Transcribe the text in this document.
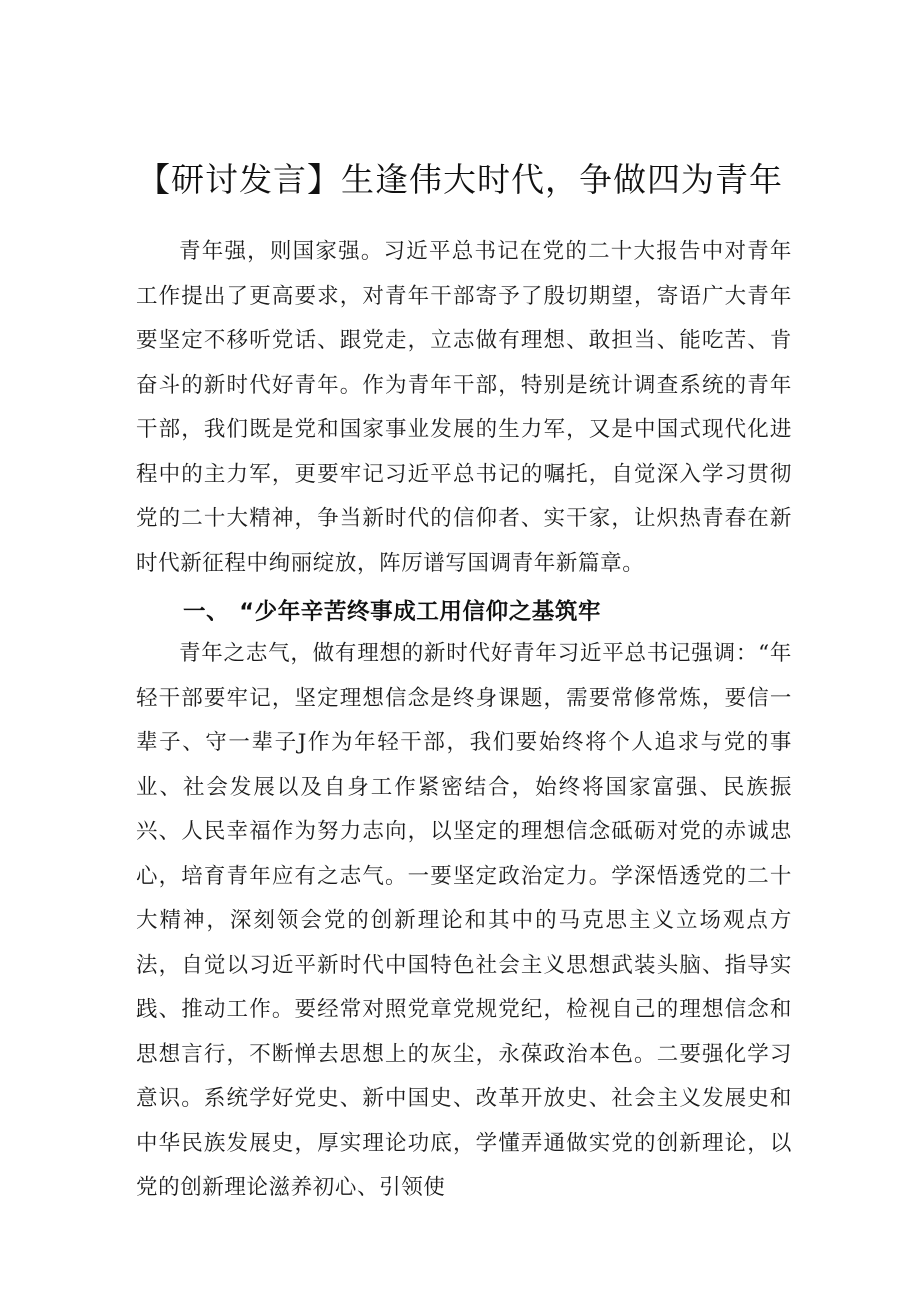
【研讨发言】生逢伟大时代，争做四为青年

青年强，则国家强。习近平总书记在党的二十大报告中对青年工作提出了更高要求，对青年干部寄予了殷切期望，寄语广大青年要坚定不移听党话、跟党走，立志做有理想、敢担当、能吃苦、肯奋斗的新时代好青年。作为青年干部，特别是统计调查系统的青年干部，我们既是党和国家事业发展的生力军，又是中国式现代化进程中的主力军，更要牢记习近平总书记的嘱托，自觉深入学习贯彻党的二十大精神，争当新时代的信仰者、实干家，让炽热青春在新时代新征程中绚丽绽放，阵厉谱写国调青年新篇章。

一、 “少年辛苦终事成工用信仰之基筑牢

青年之志气，做有理想的新时代好青年习近平总书记强调：“年轻干部要牢记，坚定理想信念是终身课题，需要常修常炼，要信一辈子、守一辈子J作为年轻干部，我们要始终将个人追求与党的事业、社会发展以及自身工作紧密结合，始终将国家富强、民族振兴、人民幸福作为努力志向，以坚定的理想信念砥砺对党的赤诚忠心，培育青年应有之志气。一要坚定政治定力。学深悟透党的二十大精神，深刻领会党的创新理论和其中的马克思主义立场观点方法，自觉以习近平新时代中国特色社会主义思想武装头脑、指导实践、推动工作。要经常对照党章党规党纪，检视自己的理想信念和思想言行，不断惮去思想上的灰尘，永葆政治本色。二要强化学习意识。系统学好党史、新中国史、改革开放史、社会主义发展史和中华民族发展史，厚实理论功底，学懂弄通做实党的创新理论，以党的创新理论滋养初心、引领使
